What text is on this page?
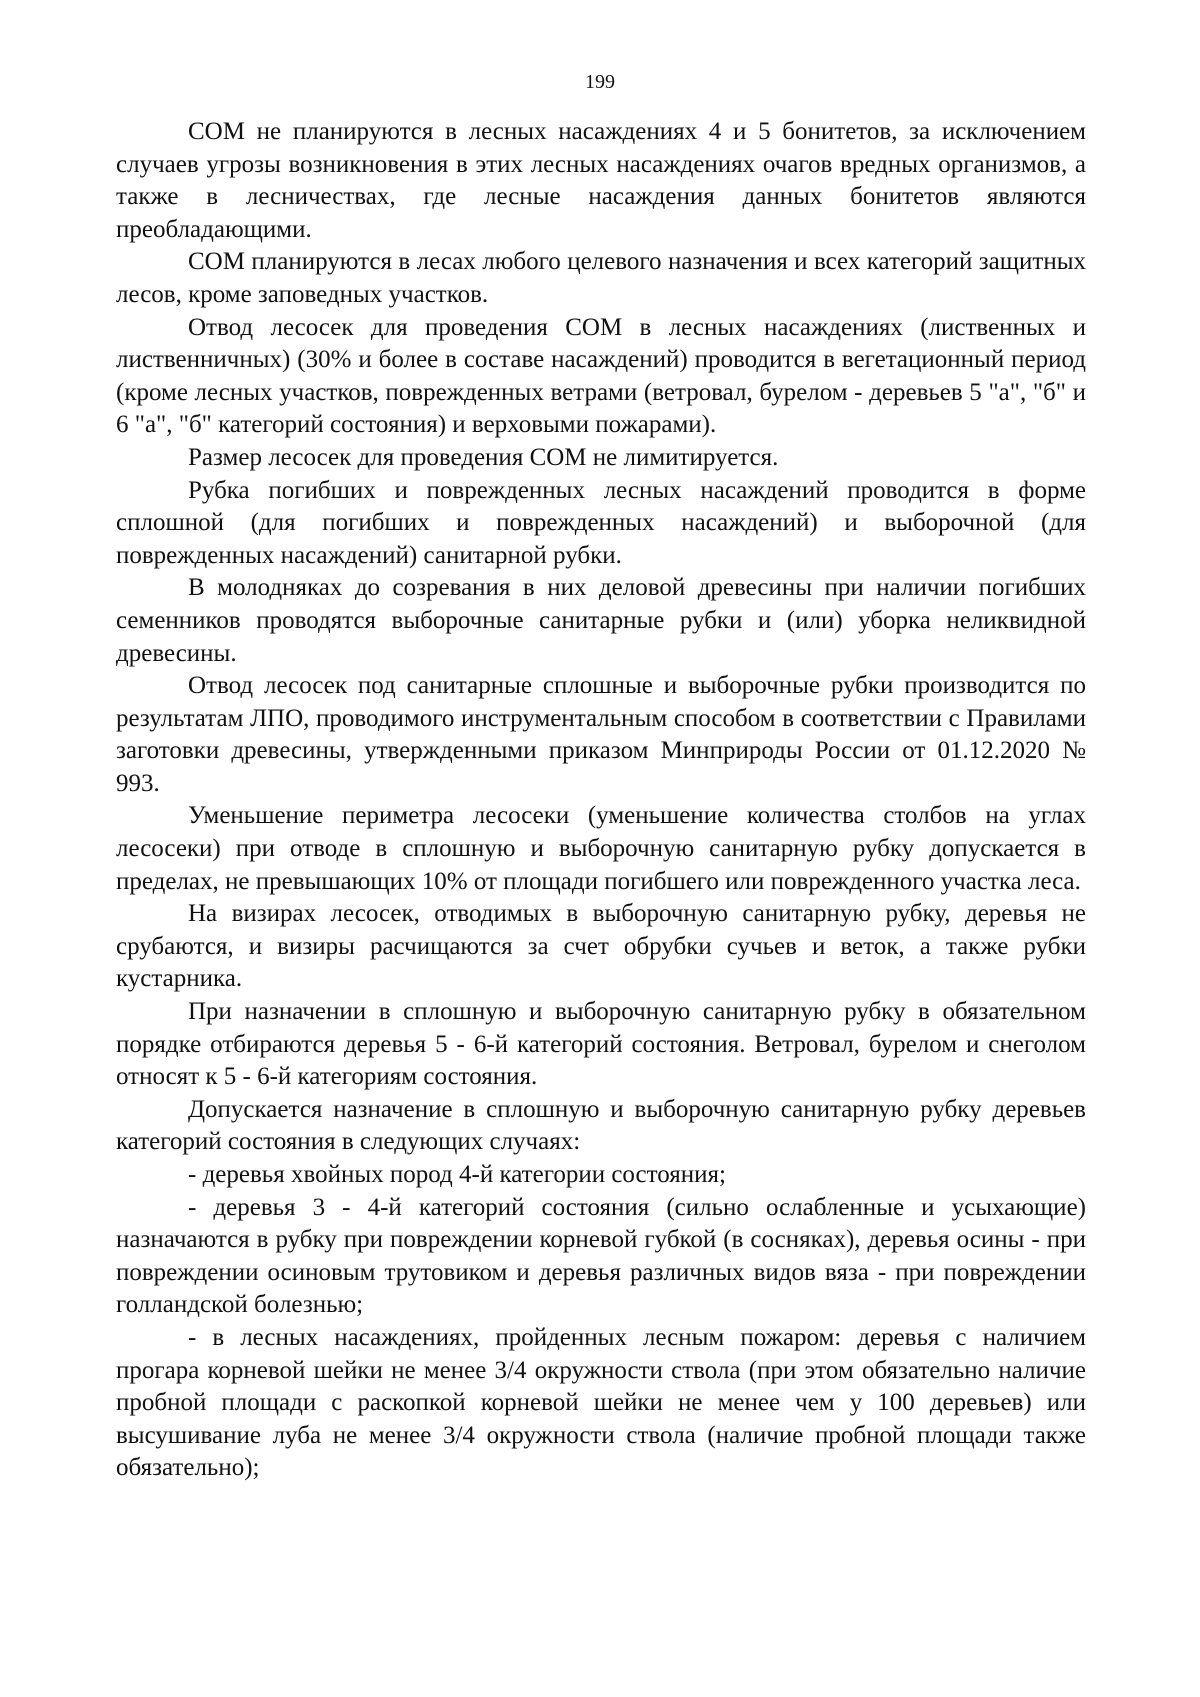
199

СОМ не планируются в лесных насаждениях 4 и 5 бонитетов, за исключением случаев угрозы возникновения в этих лесных насаждениях очагов вредных организмов, а также в лесничествах, где лесные насаждения данных бонитетов являются преобладающими.

СОМ планируются в лесах любого целевого назначения и всех категорий защитных лесов, кроме заповедных участков.

Отвод лесосек для проведения СОМ в лесных насаждениях (лиственных и лиственничных) (30% и более в составе насаждений) проводится в вегетационный период (кроме лесных участков, поврежденных ветрами (ветровал, бурелом - деревьев 5 "а", "б" и 6 "а", "б" категорий состояния) и верховыми пожарами).

Размер лесосек для проведения СОМ не лимитируется.

Рубка погибших и поврежденных лесных насаждений проводится в форме сплошной (для погибших и поврежденных насаждений) и выборочной (для поврежденных насаждений) санитарной рубки.

В молодняках до созревания в них деловой древесины при наличии погибших семенников проводятся выборочные санитарные рубки и (или) уборка неликвидной древесины.

Отвод лесосек под санитарные сплошные и выборочные рубки производится по результатам ЛПО, проводимого инструментальным способом в соответствии с Правилами заготовки древесины, утвержденными приказом Минприроды России от 01.12.2020 № 993.

Уменьшение периметра лесосеки (уменьшение количества столбов на углах лесосеки) при отводе в сплошную и выборочную санитарную рубку допускается в пределах, не превышающих 10% от площади погибшего или поврежденного участка леса.

На визирах лесосек, отводимых в выборочную санитарную рубку, деревья не срубаются, и визиры расчищаются за счет обрубки сучьев и веток, а также рубки кустарника.

При назначении в сплошную и выборочную санитарную рубку в обязательном порядке отбираются деревья 5 - 6-й категорий состояния. Ветровал, бурелом и снеголом относят к 5 - 6-й категориям состояния.

Допускается назначение в сплошную и выборочную санитарную рубку деревьев категорий состояния в следующих случаях:

- деревья хвойных пород 4-й категории состояния;

- деревья 3 - 4-й категорий состояния (сильно ослабленные и усыхающие) назначаются в рубку при повреждении корневой губкой (в сосняках), деревья осины - при повреждении осиновым трутовиком и деревья различных видов вяза - при повреждении голландской болезнью;

- в лесных насаждениях, пройденных лесным пожаром: деревья с наличием прогара корневой шейки не менее 3/4 окружности ствола (при этом обязательно наличие пробной площади с раскопкой корневой шейки не менее чем у 100 деревьев) или высушивание луба не менее 3/4 окружности ствола (наличие пробной площади также обязательно);
